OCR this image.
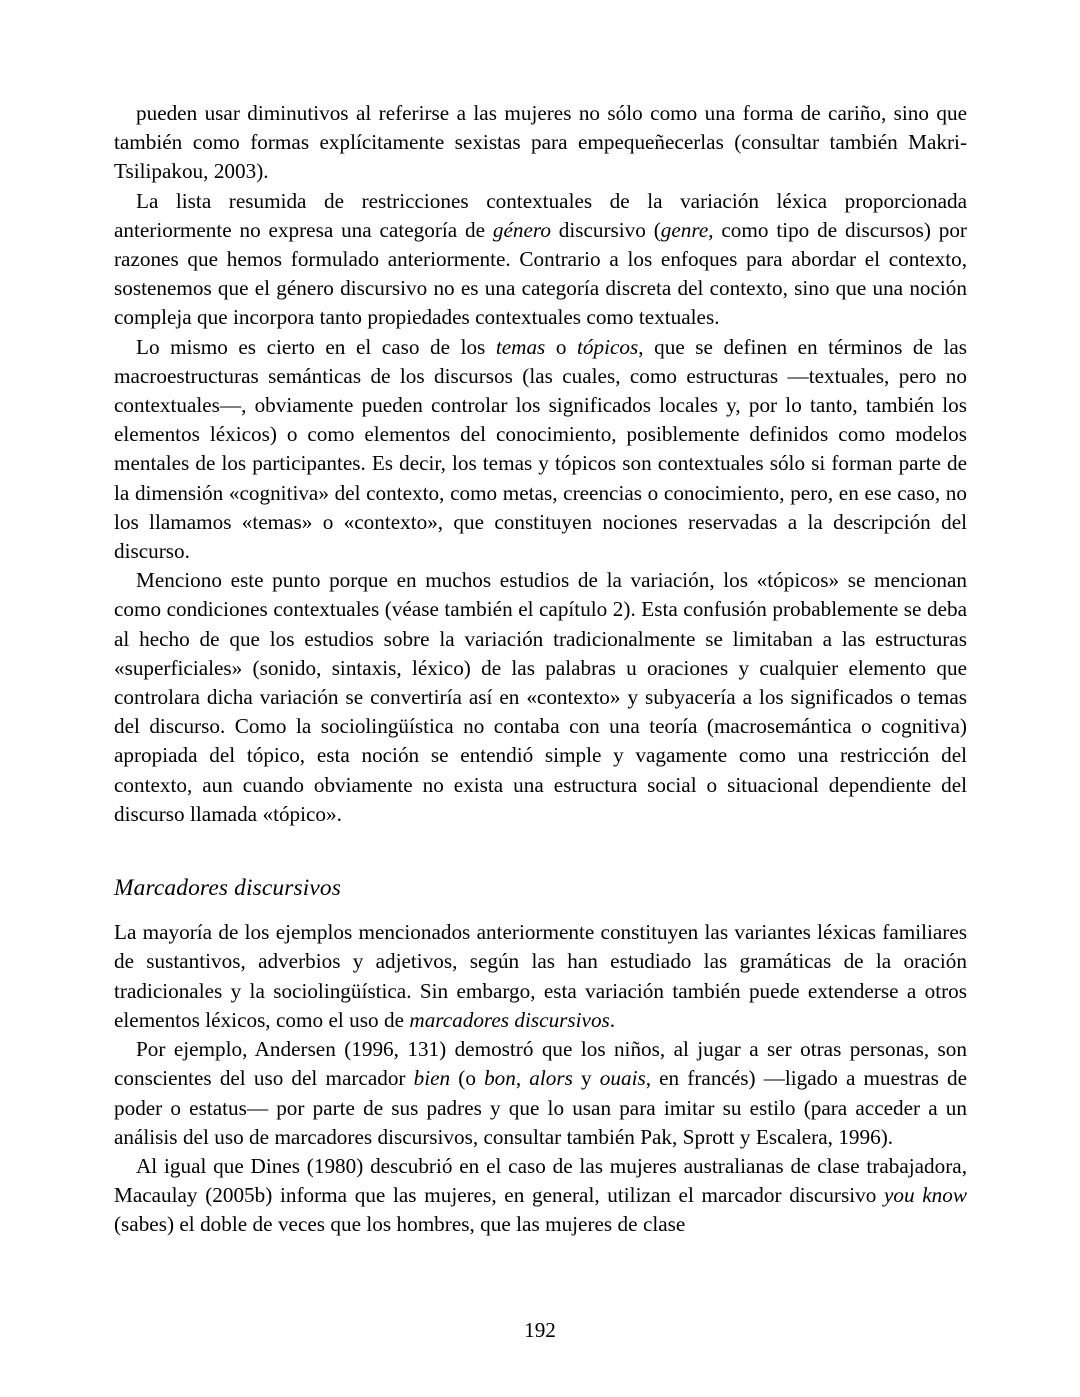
pueden usar diminutivos al referirse a las mujeres no sólo como una forma de cariño, sino que también como formas explícitamente sexistas para empequeñecerlas (consultar también Makri-Tsilipakou, 2003).

La lista resumida de restricciones contextuales de la variación léxica proporcionada anteriormente no expresa una categoría de género discursivo (genre, como tipo de discursos) por razones que hemos formulado anteriormente. Contrario a los enfoques para abordar el contexto, sostenemos que el género discursivo no es una categoría discreta del contexto, sino que una noción compleja que incorpora tanto propiedades contextuales como textuales.

Lo mismo es cierto en el caso de los temas o tópicos, que se definen en términos de las macroestructuras semánticas de los discursos (las cuales, como estructuras —textuales, pero no contextuales—, obviamente pueden controlar los significados locales y, por lo tanto, también los elementos léxicos) o como elementos del conocimiento, posiblemente definidos como modelos mentales de los participantes. Es decir, los temas y tópicos son contextuales sólo si forman parte de la dimensión «cognitiva» del contexto, como metas, creencias o conocimiento, pero, en ese caso, no los llamamos «temas» o «contexto», que constituyen nociones reservadas a la descripción del discurso.

Menciono este punto porque en muchos estudios de la variación, los «tópicos» se mencionan como condiciones contextuales (véase también el capítulo 2). Esta confusión probablemente se deba al hecho de que los estudios sobre la variación tradicionalmente se limitaban a las estructuras «superficiales» (sonido, sintaxis, léxico) de las palabras u oraciones y cualquier elemento que controlara dicha variación se convertiría así en «contexto» y subyacería a los significados o temas del discurso. Como la sociolingüística no contaba con una teoría (macrosemántica o cognitiva) apropiada del tópico, esta noción se entendió simple y vagamente como una restricción del contexto, aun cuando obviamente no exista una estructura social o situacional dependiente del discurso llamada «tópico».

Marcadores discursivos

La mayoría de los ejemplos mencionados anteriormente constituyen las variantes léxicas familiares de sustantivos, adverbios y adjetivos, según las han estudiado las gramáticas de la oración tradicionales y la sociolingüística. Sin embargo, esta variación también puede extenderse a otros elementos léxicos, como el uso de marcadores discursivos.

Por ejemplo, Andersen (1996, 131) demostró que los niños, al jugar a ser otras personas, son conscientes del uso del marcador bien (o bon, alors y ouais, en francés) —ligado a muestras de poder o estatus— por parte de sus padres y que lo usan para imitar su estilo (para acceder a un análisis del uso de marcadores discursivos, consultar también Pak, Sprott y Escalera, 1996).

Al igual que Dines (1980) descubrió en el caso de las mujeres australianas de clase trabajadora, Macaulay (2005b) informa que las mujeres, en general, utilizan el marcador discursivo you know (sabes) el doble de veces que los hombres, que las mujeres de clase

192
